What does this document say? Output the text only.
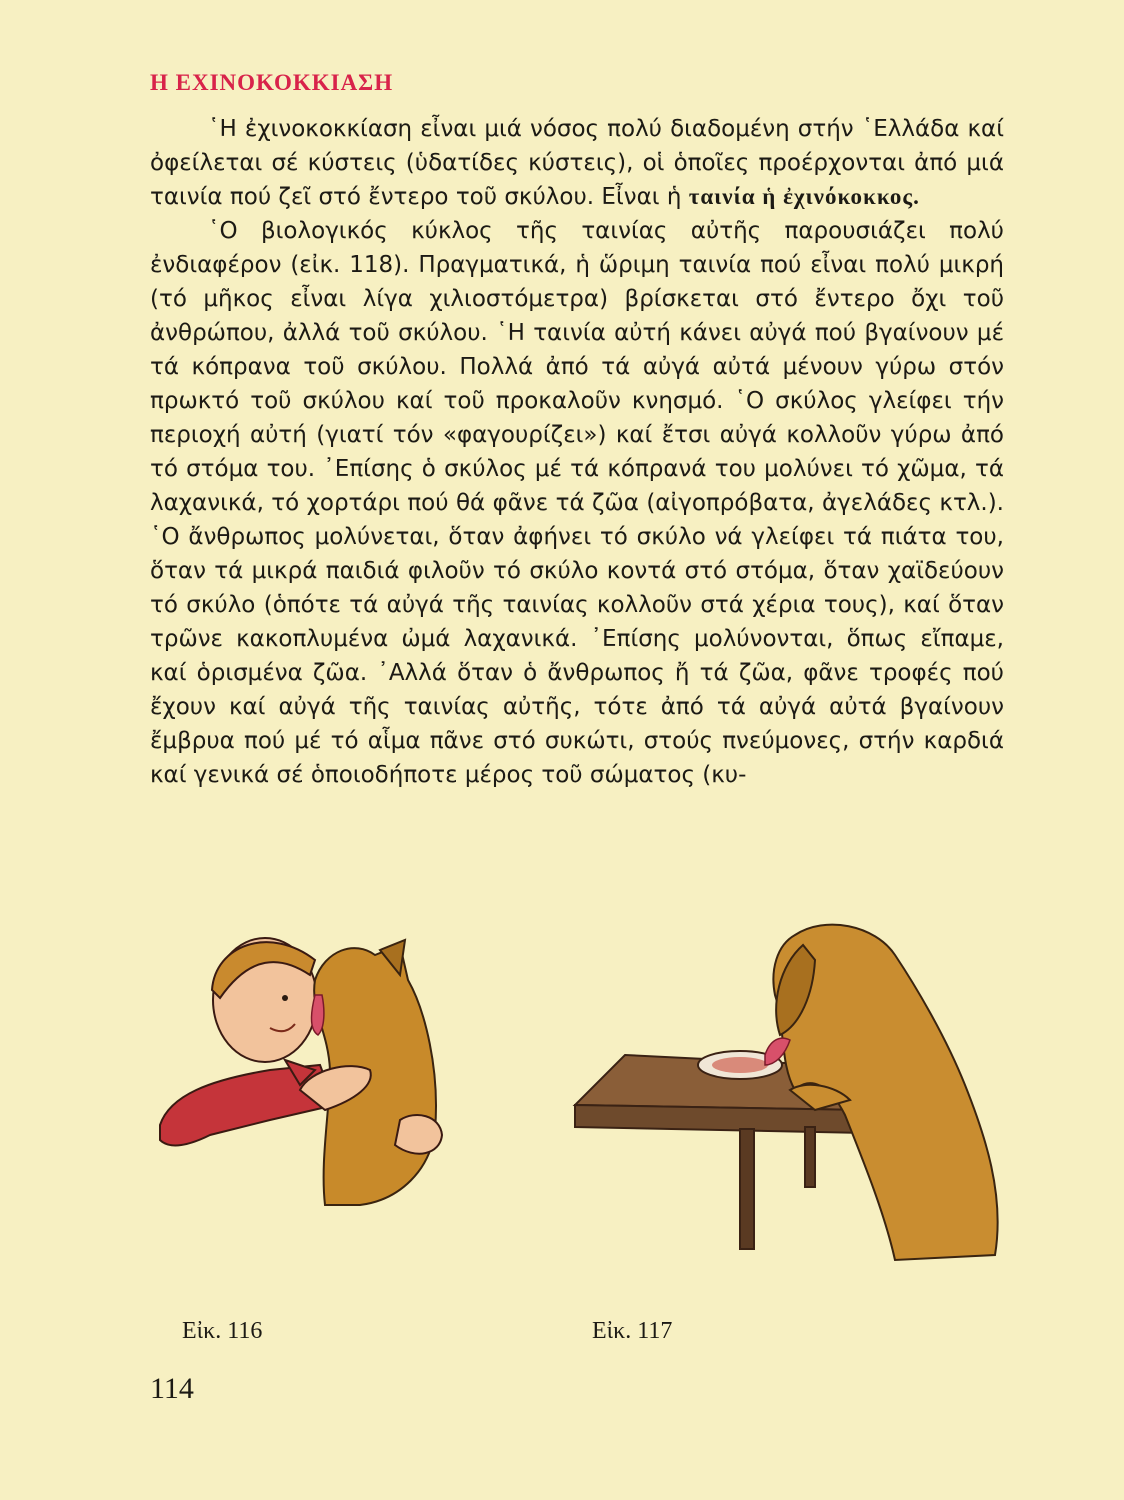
Η ΕΧΙΝΟΚΟΚΚΙΑΣΗ

῾Η ἐχινοκοκκίαση εἶναι μιά νόσος πολύ διαδομένη στήν ῾Ελλάδα καί ὀφείλεται σέ κύστεις (ὑδατίδες κύστεις), οἱ ὁποῖες προέρχονται ἀπό μιά ταινία πού ζεῖ στό ἔντερο τοῦ σκύλου. Εἶναι ἡ ταινία ἡ ἐχινόκοκκος.

῾Ο βιολογικός κύκλος τῆς ταινίας αὐτῆς παρουσιάζει πολύ ἐνδιαφέρον (εἰκ. 118). Πραγματικά, ἡ ὥριμη ταινία πού εἶναι πολύ μικρή (τό μῆκος εἶναι λίγα χιλιοστόμετρα) βρίσκεται στό ἔντερο ὄχι τοῦ ἀνθρώπου, ἀλλά τοῦ σκύλου. ῾Η ταινία αὐτή κάνει αὐγά πού βγαίνουν μέ τά κόπρανα τοῦ σκύλου. Πολλά ἀπό τά αὐγά αὐτά μένουν γύρω στόν πρωκτό τοῦ σκύλου καί τοῦ προκαλοῦν κνησμό. ῾Ο σκύλος γλείφει τήν περιοχή αὐτή (γιατί τόν «φαγουρίζει») καί ἔτσι αὐγά κολλοῦν γύρω ἀπό τό στόμα του. ᾿Επίσης ὁ σκύλος μέ τά κόπρανά του μολύνει τό χῶμα, τά λαχανικά, τό χορτάρι πού θά φᾶνε τά ζῶα (αἰγοπρόβατα, ἀγελάδες κτλ.). ῾Ο ἄνθρωπος μολύνεται, ὅταν ἀφήνει τό σκύλο νά γλείφει τά πιάτα του, ὅταν τά μικρά παιδιά φιλοῦν τό σκύλο κοντά στό στόμα, ὅταν χαϊδεύουν τό σκύλο (ὁπότε τά αὐγά τῆς ταινίας κολλοῦν στά χέρια τους), καί ὅταν τρῶνε κακοπλυμένα ὠμά λαχανικά. ᾿Επίσης μολύνονται, ὅπως εἴπαμε, καί ὁρισμένα ζῶα. ᾿Αλλά ὅταν ὁ ἄνθρωπος ἤ τά ζῶα, φᾶνε τροφές πού ἔχουν καί αὐγά τῆς ταινίας αὐτῆς, τότε ἀπό τά αὐγά αὐτά βγαίνουν ἔμβρυα πού μέ τό αἷμα πᾶνε στό συκώτι, στούς πνεύμονες, στήν καρδιά καί γενικά σέ ὁποιοδήποτε μέρος τοῦ σώματος (κυ-

Εἰκ. 116	Εἰκ. 117
114
